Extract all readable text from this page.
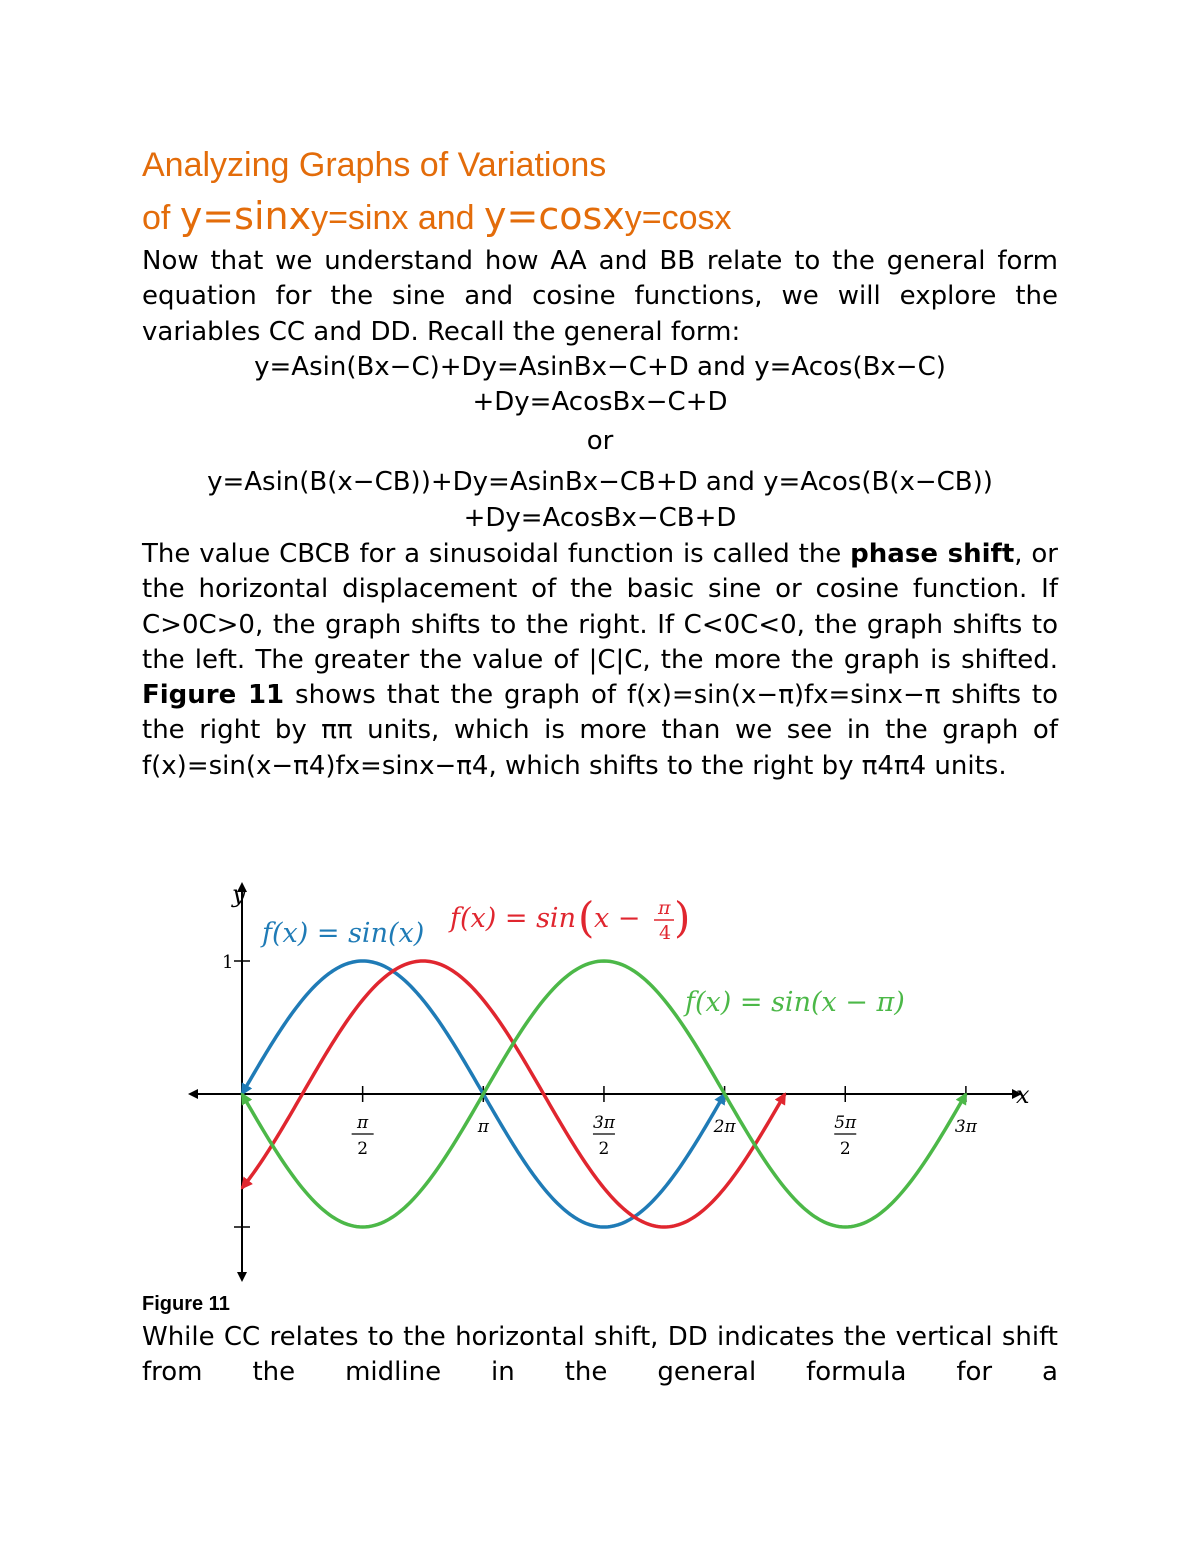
Analyzing Graphs of Variations
of y=sinxy=sinx and y=cosxy=cosx
Now that we understand how AA and BB relate to the general form equation for the sine and cosine functions, we will explore the variables CC and DD. Recall the general form:
y=Asin(Bx−C)+Dy=AsinBx−C+D and y=Acos(Bx−C)
+Dy=AcosBx−C+D
or
y=Asin(B(x−CB))+Dy=AsinBx−CB+D and y=Acos(B(x−CB))
+Dy=AcosBx−CB+D
The value CBCB for a sinusoidal function is called the phase shift, or the horizontal displacement of the basic sine or cosine function. If C>0C>0, the graph shifts to the right. If C<0C<0, the graph shifts to the left. The greater the value of |C|C, the more the graph is shifted. Figure 11 shows that the graph of f(x)=sin(x−π)fx=sinx−π shifts to the right by ππ units, which is more than we see in the graph of f(x)=sin(x−π4)fx=sinx−π4, which shifts to the right by π4π4 units.
1
π
2
π	3π
2
2π	5π
2
3π
f(x) = sin(x) f(x) = sin ( x − π
4 )
f(x) = sin(x − π)
y
x
Figure 11
While CC relates to the horizontal shift, DD indicates the vertical shift from the midline in the general formula for a
